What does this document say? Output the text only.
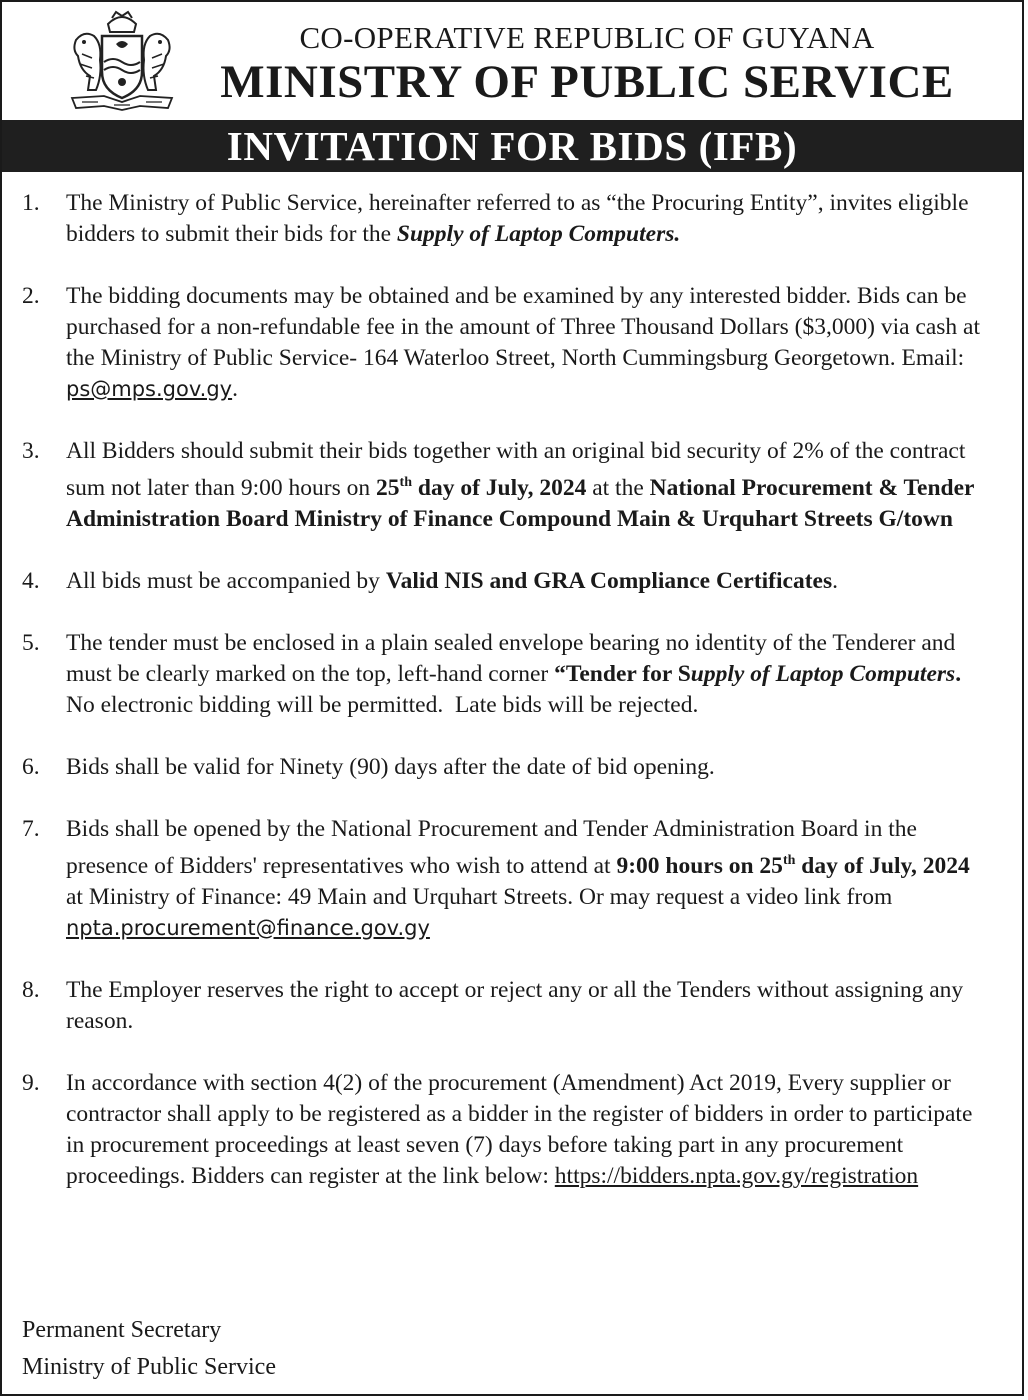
CO-OPERATIVE REPUBLIC OF GUYANA
MINISTRY OF PUBLIC SERVICE
INVITATION FOR BIDS (IFB)
1. The Ministry of Public Service, hereinafter referred to as “the Procuring Entity”, invites eligible bidders to submit their bids for the Supply of Laptop Computers.
2. The bidding documents may be obtained and be examined by any interested bidder. Bids can be purchased for a non-refundable fee in the amount of Three Thousand Dollars ($3,000) via cash at the Ministry of Public Service- 164 Waterloo Street, North Cummingsburg Georgetown. Email: ps@mps.gov.gy.
3. All Bidders should submit their bids together with an original bid security of 2% of the contract sum not later than 9:00 hours on 25th day of July, 2024 at the National Procurement & Tender Administration Board Ministry of Finance Compound Main & Urquhart Streets G/town
4. All bids must be accompanied by Valid NIS and GRA Compliance Certificates.
5. The tender must be enclosed in a plain sealed envelope bearing no identity of the Tenderer and must be clearly marked on the top, left-hand corner “Tender for Supply of Laptop Computers.  No electronic bidding will be permitted.  Late bids will be rejected.
6. Bids shall be valid for Ninety (90) days after the date of bid opening.
7. Bids shall be opened by the National Procurement and Tender Administration Board in the presence of Bidders' representatives who wish to attend at 9:00 hours on 25th day of July, 2024 at Ministry of Finance: 49 Main and Urquhart Streets. Or may request a video link from npta.procurement@finance.gov.gy
8. The Employer reserves the right to accept or reject any or all the Tenders without assigning any reason.
9. In accordance with section 4(2) of the procurement (Amendment) Act 2019, Every supplier or contractor shall apply to be registered as a bidder in the register of bidders in order to participate in procurement proceedings at least seven (7) days before taking part in any procurement proceedings. Bidders can register at the link below: https://bidders.npta.gov.gy/registration
Permanent Secretary
Ministry of Public Service
